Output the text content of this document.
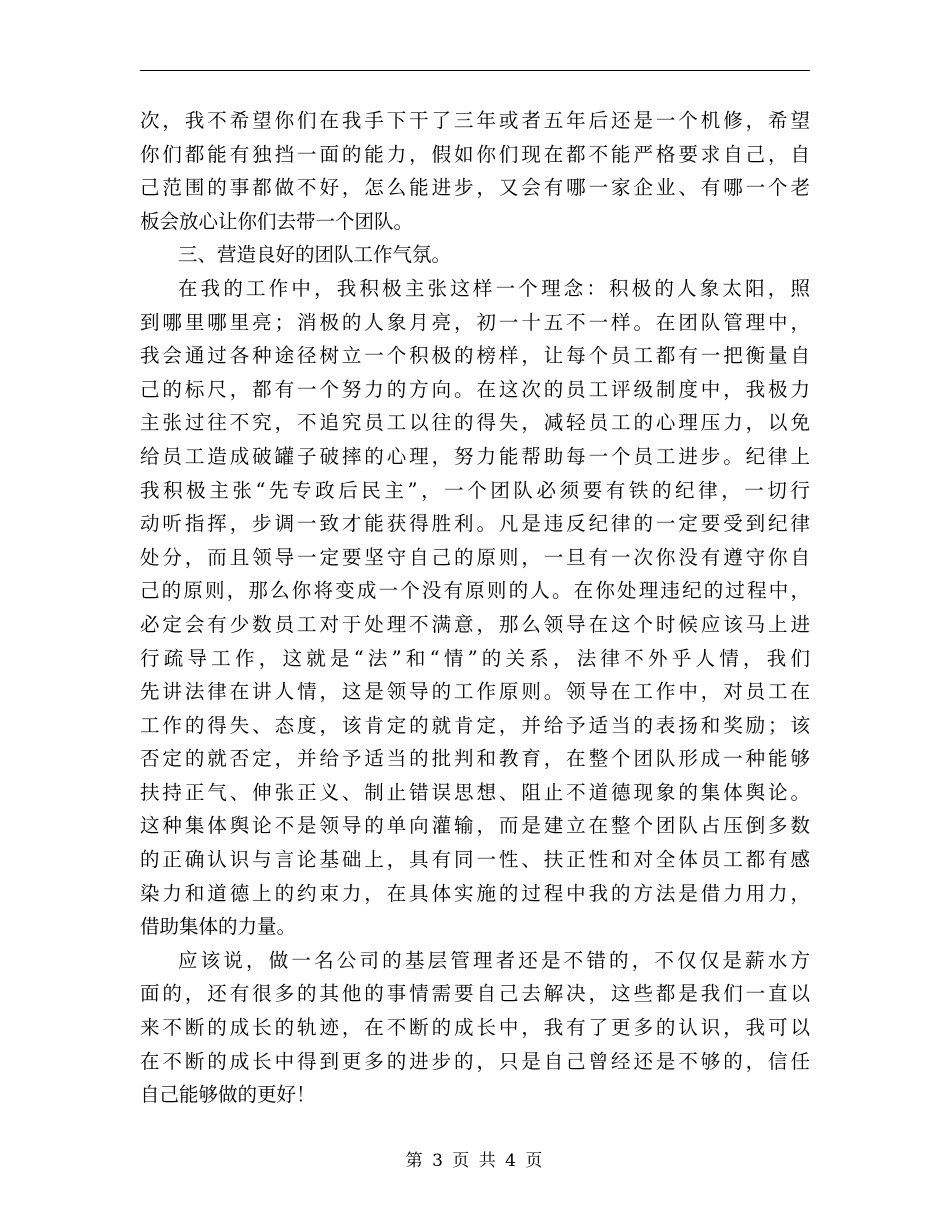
次，我不希望你们在我手下干了三年或者五年后还是一个机修，希望
你们都能有独挡一面的能力，假如你们现在都不能严格要求自己，自
己范围的事都做不好，怎么能进步，又会有哪一家企业、有哪一个老
板会放心让你们去带一个团队。
三、营造良好的团队工作气氛。
在我的工作中，我积极主张这样一个理念：积极的人象太阳，照
到哪里哪里亮；消极的人象月亮，初一十五不一样。在团队管理中，
我会通过各种途径树立一个积极的榜样，让每个员工都有一把衡量自
己的标尺，都有一个努力的方向。在这次的员工评级制度中，我极力
主张过往不究，不追究员工以往的得失，减轻员工的心理压力，以免
给员工造成破罐子破摔的心理，努力能帮助每一个员工进步。纪律上
我积极主张“先专政后民主”，一个团队必须要有铁的纪律，一切行
动听指挥，步调一致才能获得胜利。凡是违反纪律的一定要受到纪律
处分，而且领导一定要坚守自己的原则，一旦有一次你没有遵守你自
己的原则，那么你将变成一个没有原则的人。在你处理违纪的过程中，
必定会有少数员工对于处理不满意，那么领导在这个时候应该马上进
行疏导工作，这就是“法”和“情”的关系，法律不外乎人情，我们
先讲法律在讲人情，这是领导的工作原则。领导在工作中，对员工在
工作的得失、态度，该肯定的就肯定，并给予适当的表扬和奖励；该
否定的就否定，并给予适当的批判和教育，在整个团队形成一种能够
扶持正气、伸张正义、制止错误思想、阻止不道德现象的集体舆论。
这种集体舆论不是领导的单向灌输，而是建立在整个团队占压倒多数
的正确认识与言论基础上，具有同一性、扶正性和对全体员工都有感
染力和道德上的约束力，在具体实施的过程中我的方法是借力用力，
借助集体的力量。
应该说，做一名公司的基层管理者还是不错的，不仅仅是薪水方
面的，还有很多的其他的事情需要自己去解决，这些都是我们一直以
来不断的成长的轨迹，在不断的成长中，我有了更多的认识，我可以
在不断的成长中得到更多的进步的，只是自己曾经还是不够的，信任
自己能够做的更好！
第 3 页 共 4 页
